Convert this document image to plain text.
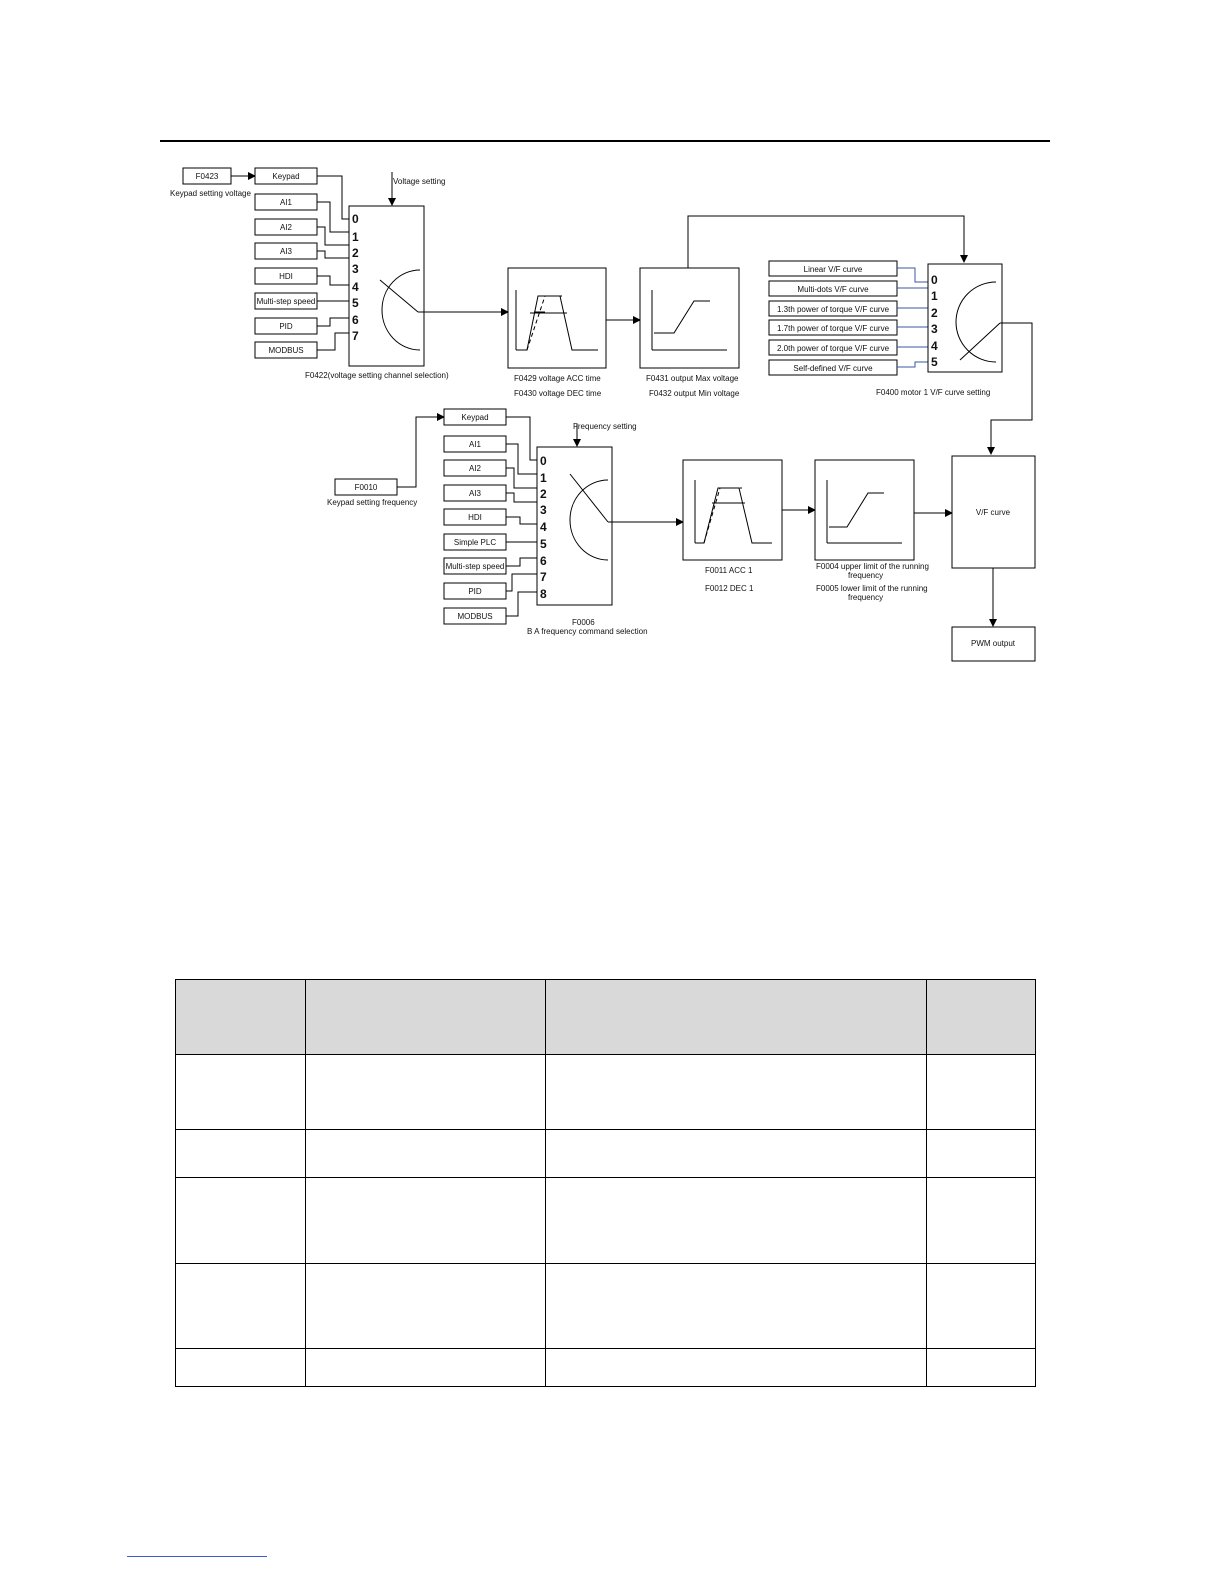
F0423
Keypad setting voltage
Keypad
AI1
AI2
AI3
HDI
Multi-step speed
PID
MODBUS
0
1
2
3
4
5
6
7
Voltage setting
F0422(voltage setting channel selection)	F0429 voltage ACC time
F0430 voltage DEC time
F0431 output Max voltage
F0432 output Min voltage
Linear V/F curve
Multi-dots V/F curve
1.3th power of torque V/F curve
1.7th power of torque V/F curve
2.0th power of torque V/F curve
Self-defined V/F curve
0
1
2
3
4
5
F0400 motor 1 V/F curve setting
F0010
Keypad setting frequency
Keypad
AI1
AI2
AI3
HDI
Simple PLC
Multi-step speed
PID
MODBUS
0
1
2
3
4
5
6
7
8
Frequency setting
F0006
B A frequency command selection
F0011 ACC 1
F0012 DEC 1
F0004 upper limit of the running
frequency
F0005 lower limit of the running
frequency
V/F curve
PWM output
